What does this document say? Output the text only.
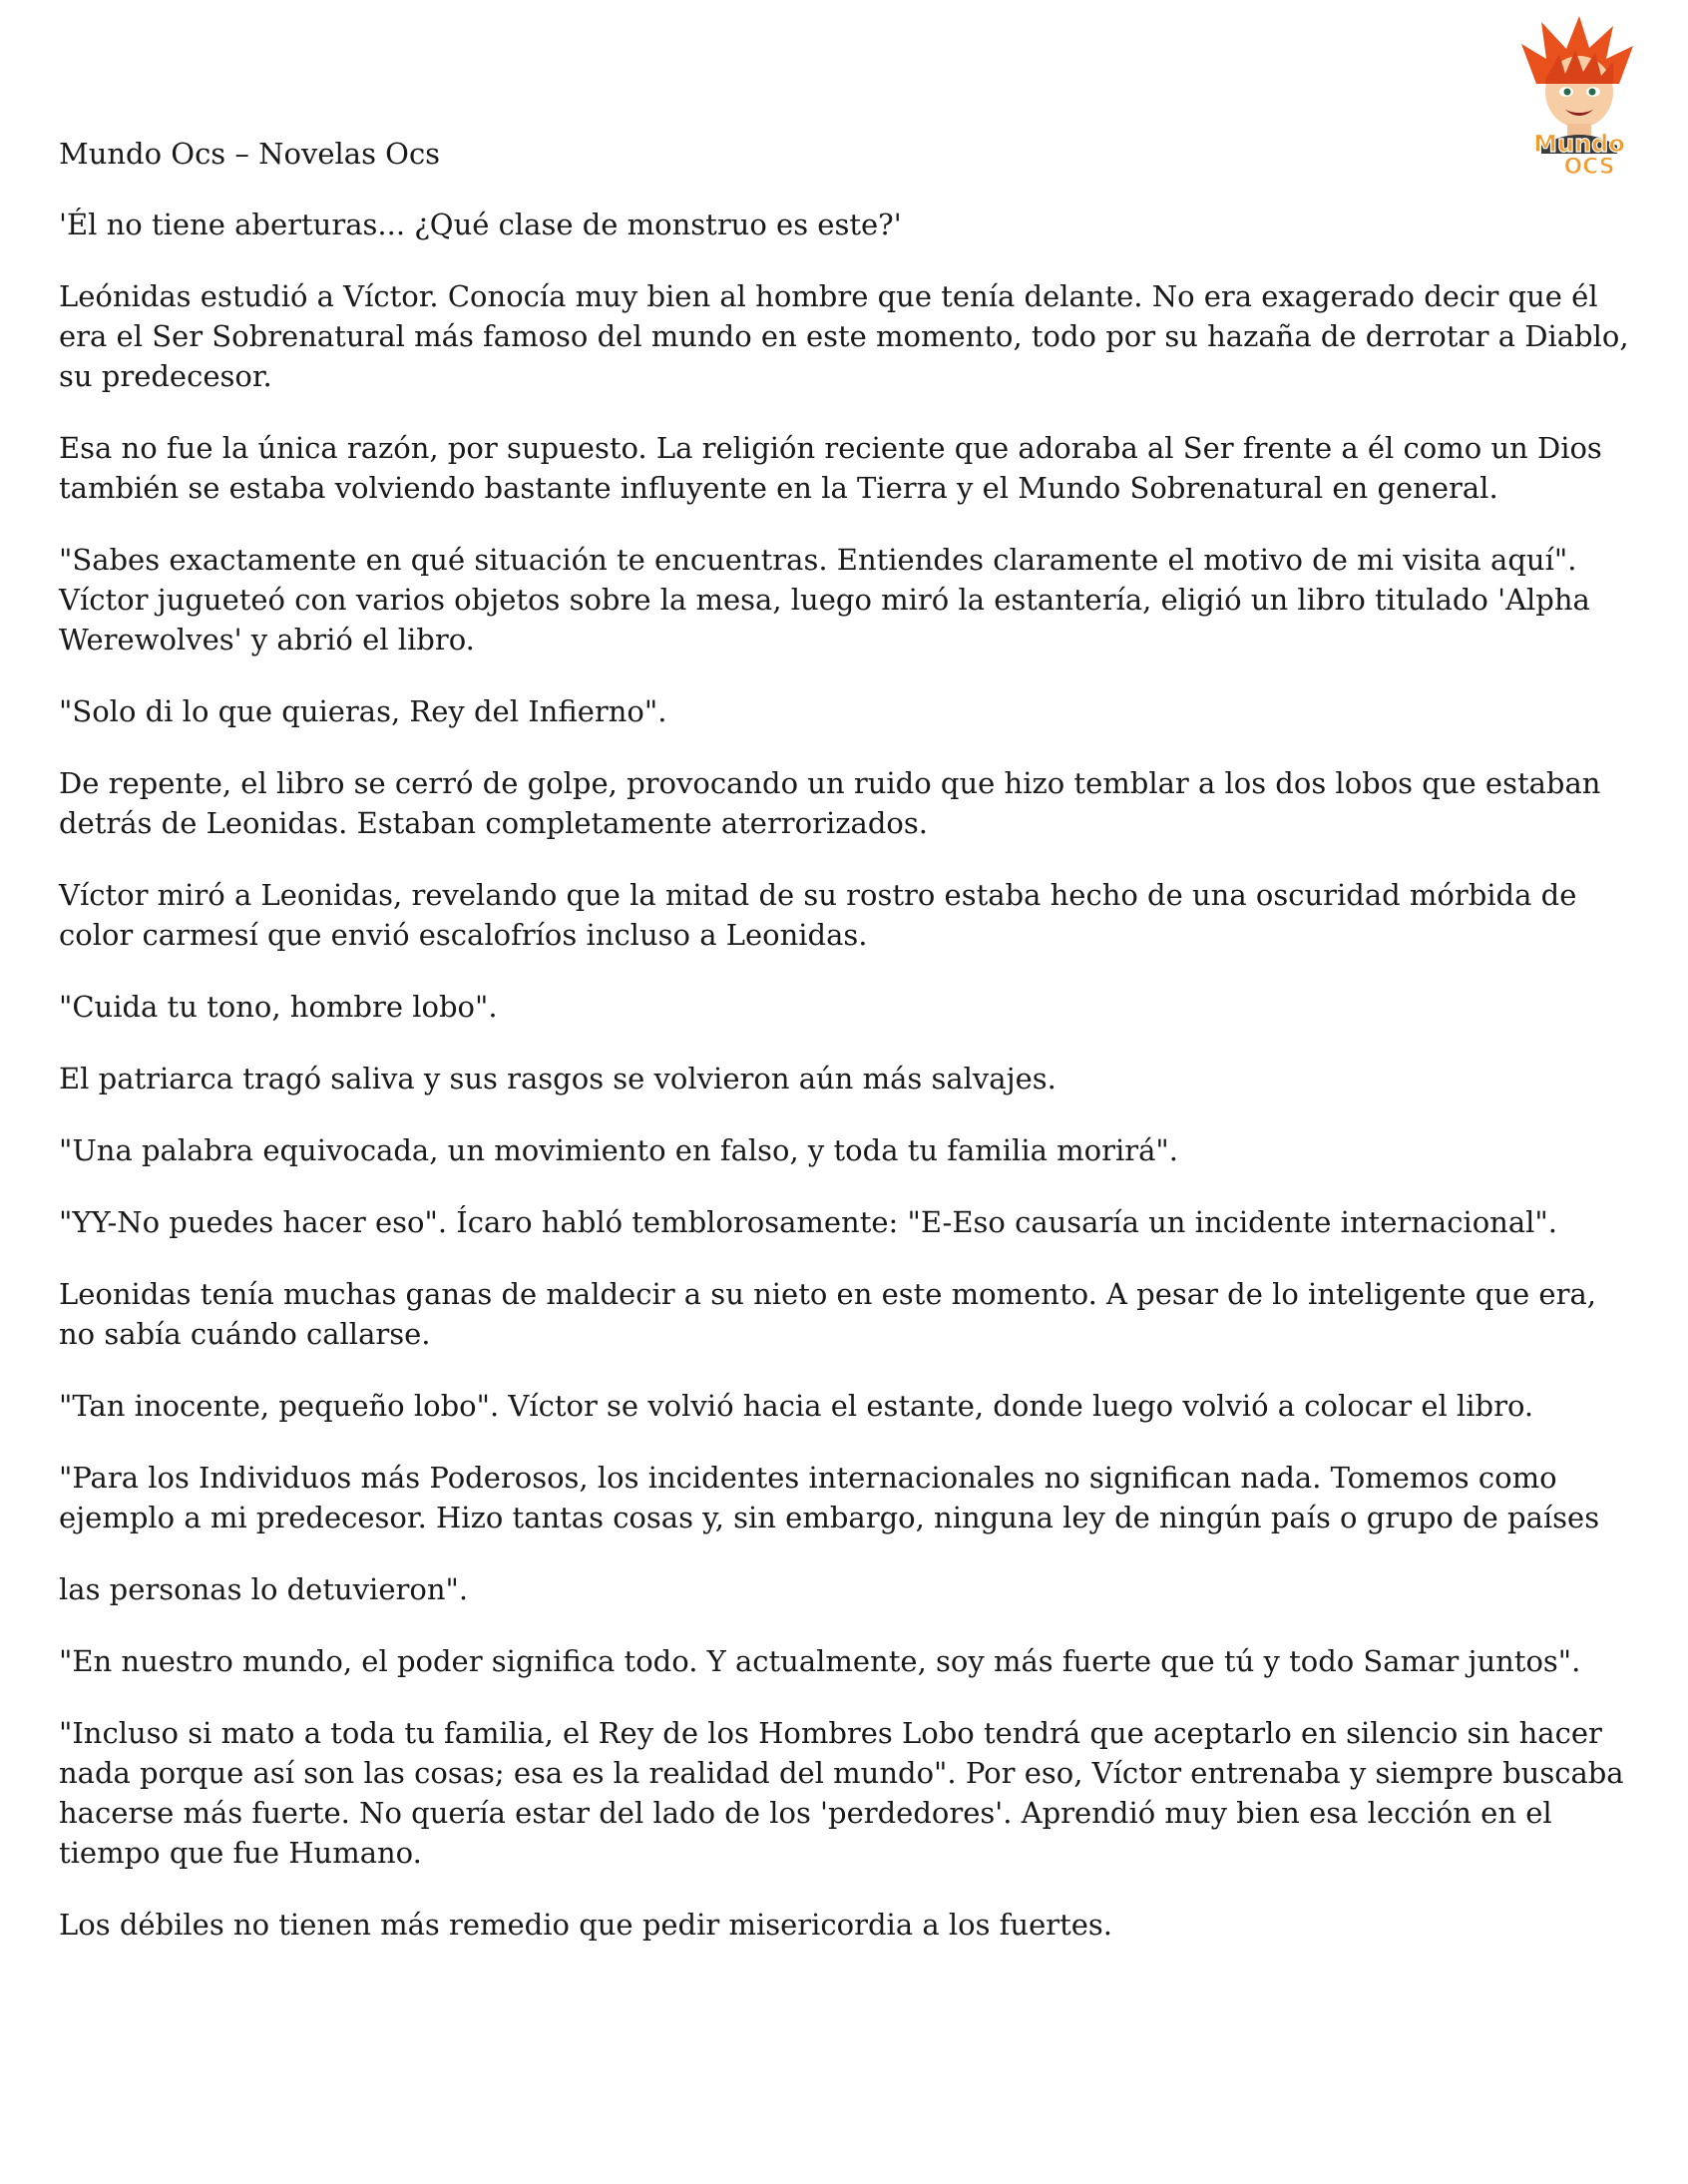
Mundo
OCS
Mundo Ocs – Novelas Ocs

'Él no tiene aberturas... ¿Qué clase de monstruo es este?'

Leónidas estudió a Víctor. Conocía muy bien al hombre que tenía delante. No era exagerado decir que él era el Ser Sobrenatural más famoso del mundo en este momento, todo por su hazaña de derrotar a Diablo, su predecesor.

Esa no fue la única razón, por supuesto. La religión reciente que adoraba al Ser frente a él como un Dios también se estaba volviendo bastante influyente en la Tierra y el Mundo Sobrenatural en general.

"Sabes exactamente en qué situación te encuentras. Entiendes claramente el motivo de mi visita aquí". Víctor jugueteó con varios objetos sobre la mesa, luego miró la estantería, eligió un libro titulado 'Alpha Werewolves' y abrió el libro.

"Solo di lo que quieras, Rey del Infierno".

De repente, el libro se cerró de golpe, provocando un ruido que hizo temblar a los dos lobos que estaban detrás de Leonidas. Estaban completamente aterrorizados.

Víctor miró a Leonidas, revelando que la mitad de su rostro estaba hecho de una oscuridad mórbida de color carmesí que envió escalofríos incluso a Leonidas.

"Cuida tu tono, hombre lobo".

El patriarca tragó saliva y sus rasgos se volvieron aún más salvajes.

"Una palabra equivocada, un movimiento en falso, y toda tu familia morirá".

"YY-No puedes hacer eso". Ícaro habló temblorosamente: "E-Eso causaría un incidente internacional".

Leonidas tenía muchas ganas de maldecir a su nieto en este momento. A pesar de lo inteligente que era, no sabía cuándo callarse.

"Tan inocente, pequeño lobo". Víctor se volvió hacia el estante, donde luego volvió a colocar el libro.

"Para los Individuos más Poderosos, los incidentes internacionales no significan nada. Tomemos como ejemplo a mi predecesor. Hizo tantas cosas y, sin embargo, ninguna ley de ningún país o grupo de países

las personas lo detuvieron".

"En nuestro mundo, el poder significa todo. Y actualmente, soy más fuerte que tú y todo Samar juntos".

"Incluso si mato a toda tu familia, el Rey de los Hombres Lobo tendrá que aceptarlo en silencio sin hacer nada porque así son las cosas; esa es la realidad del mundo". Por eso, Víctor entrenaba y siempre buscaba hacerse más fuerte. No quería estar del lado de los 'perdedores'. Aprendió muy bien esa lección en el tiempo que fue Humano.

Los débiles no tienen más remedio que pedir misericordia a los fuertes.
